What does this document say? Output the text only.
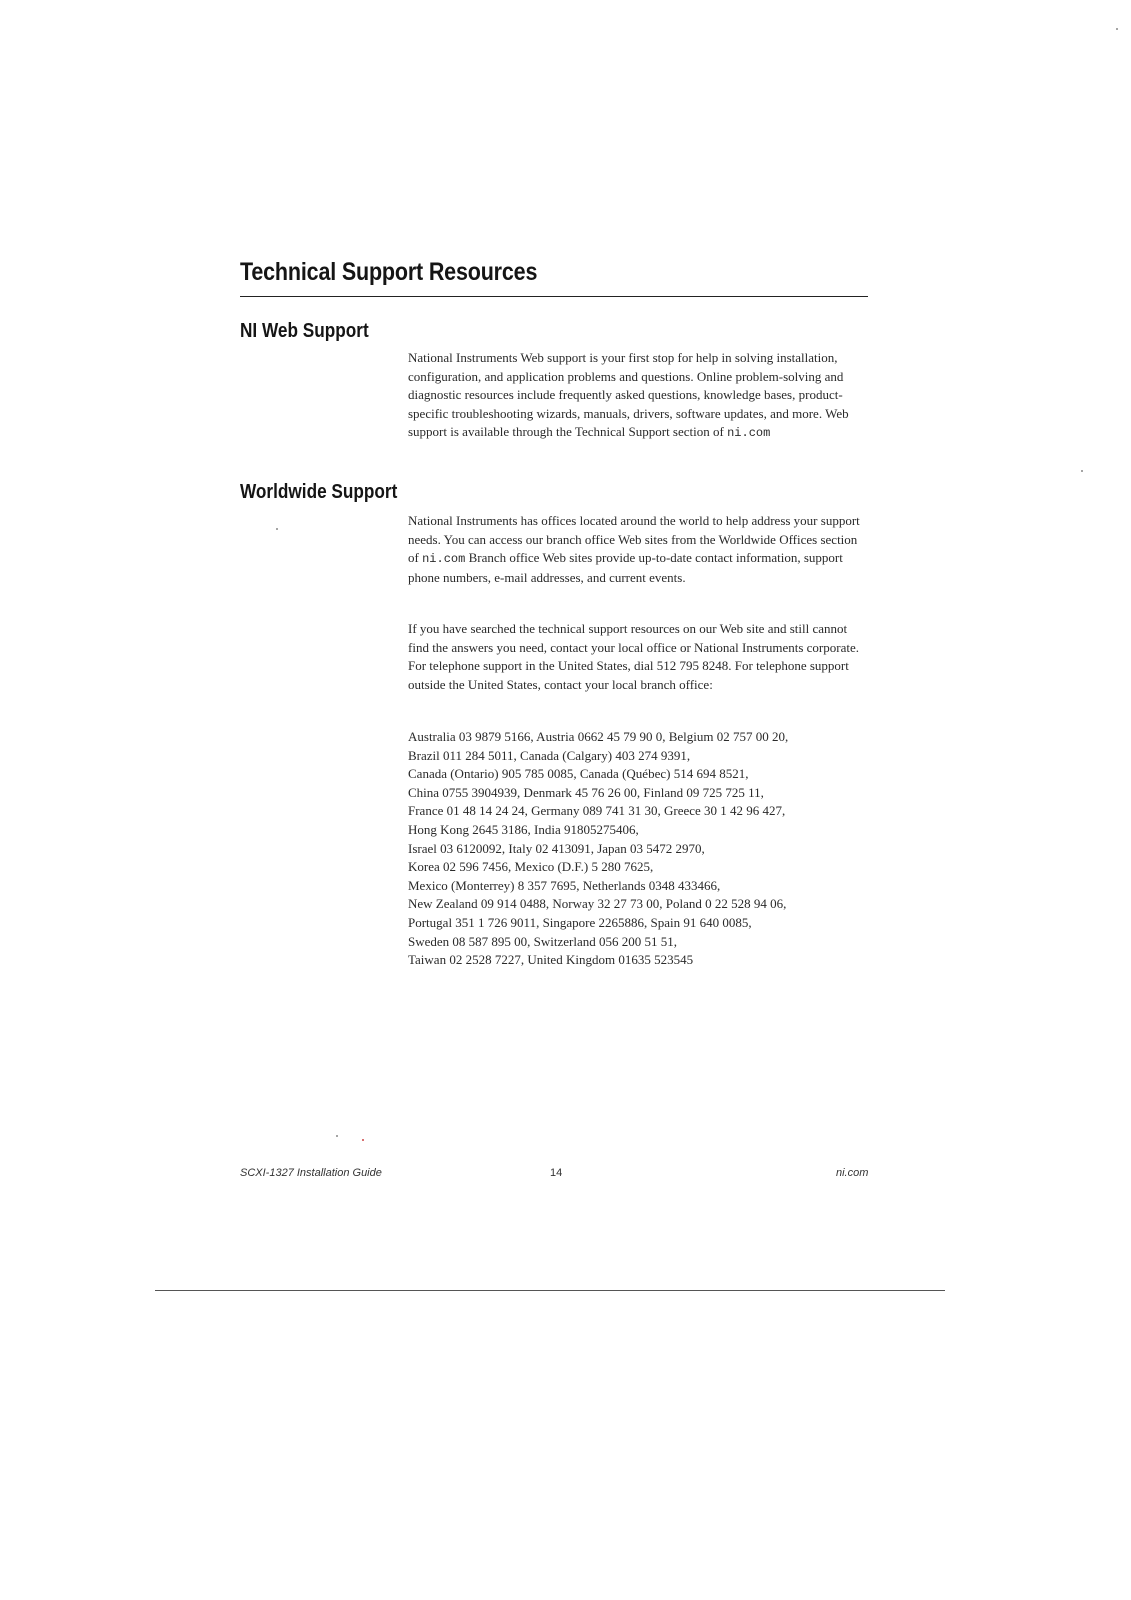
Technical Support Resources
NI Web Support

National Instruments Web support is your first stop for help in solving installation, configuration, and application problems and questions. Online problem-solving and diagnostic resources include frequently asked questions, knowledge bases, product-specific troubleshooting wizards, manuals, drivers, software updates, and more. Web support is available through the Technical Support section of ni.com

Worldwide Support

National Instruments has offices located around the world to help address your support needs. You can access our branch office Web sites from the Worldwide Offices section of ni.com Branch office Web sites provide up-to-date contact information, support phone numbers, e-mail addresses, and current events.

If you have searched the technical support resources on our Web site and still cannot find the answers you need, contact your local office or National Instruments corporate. For telephone support in the United States, dial 512 795 8248. For telephone support outside the United States, contact your local branch office:

Australia 03 9879 5166, Austria 0662 45 79 90 0, Belgium 02 757 00 20,
Brazil 011 284 5011, Canada (Calgary) 403 274 9391,
Canada (Ontario) 905 785 0085, Canada (Québec) 514 694 8521,
China 0755 3904939, Denmark 45 76 26 00, Finland 09 725 725 11,
France 01 48 14 24 24, Germany 089 741 31 30, Greece 30 1 42 96 427,
Hong Kong 2645 3186, India 91805275406,
Israel 03 6120092, Italy 02 413091, Japan 03 5472 2970,
Korea 02 596 7456, Mexico (D.F.) 5 280 7625,
Mexico (Monterrey) 8 357 7695, Netherlands 0348 433466,
New Zealand 09 914 0488, Norway 32 27 73 00, Poland 0 22 528 94 06,
Portugal 351 1 726 9011, Singapore 2265886, Spain 91 640 0085,
Sweden 08 587 895 00, Switzerland 056 200 51 51,
Taiwan 02 2528 7227, United Kingdom 01635 523545

SCXI-1327 Installation Guide	14	ni.com
